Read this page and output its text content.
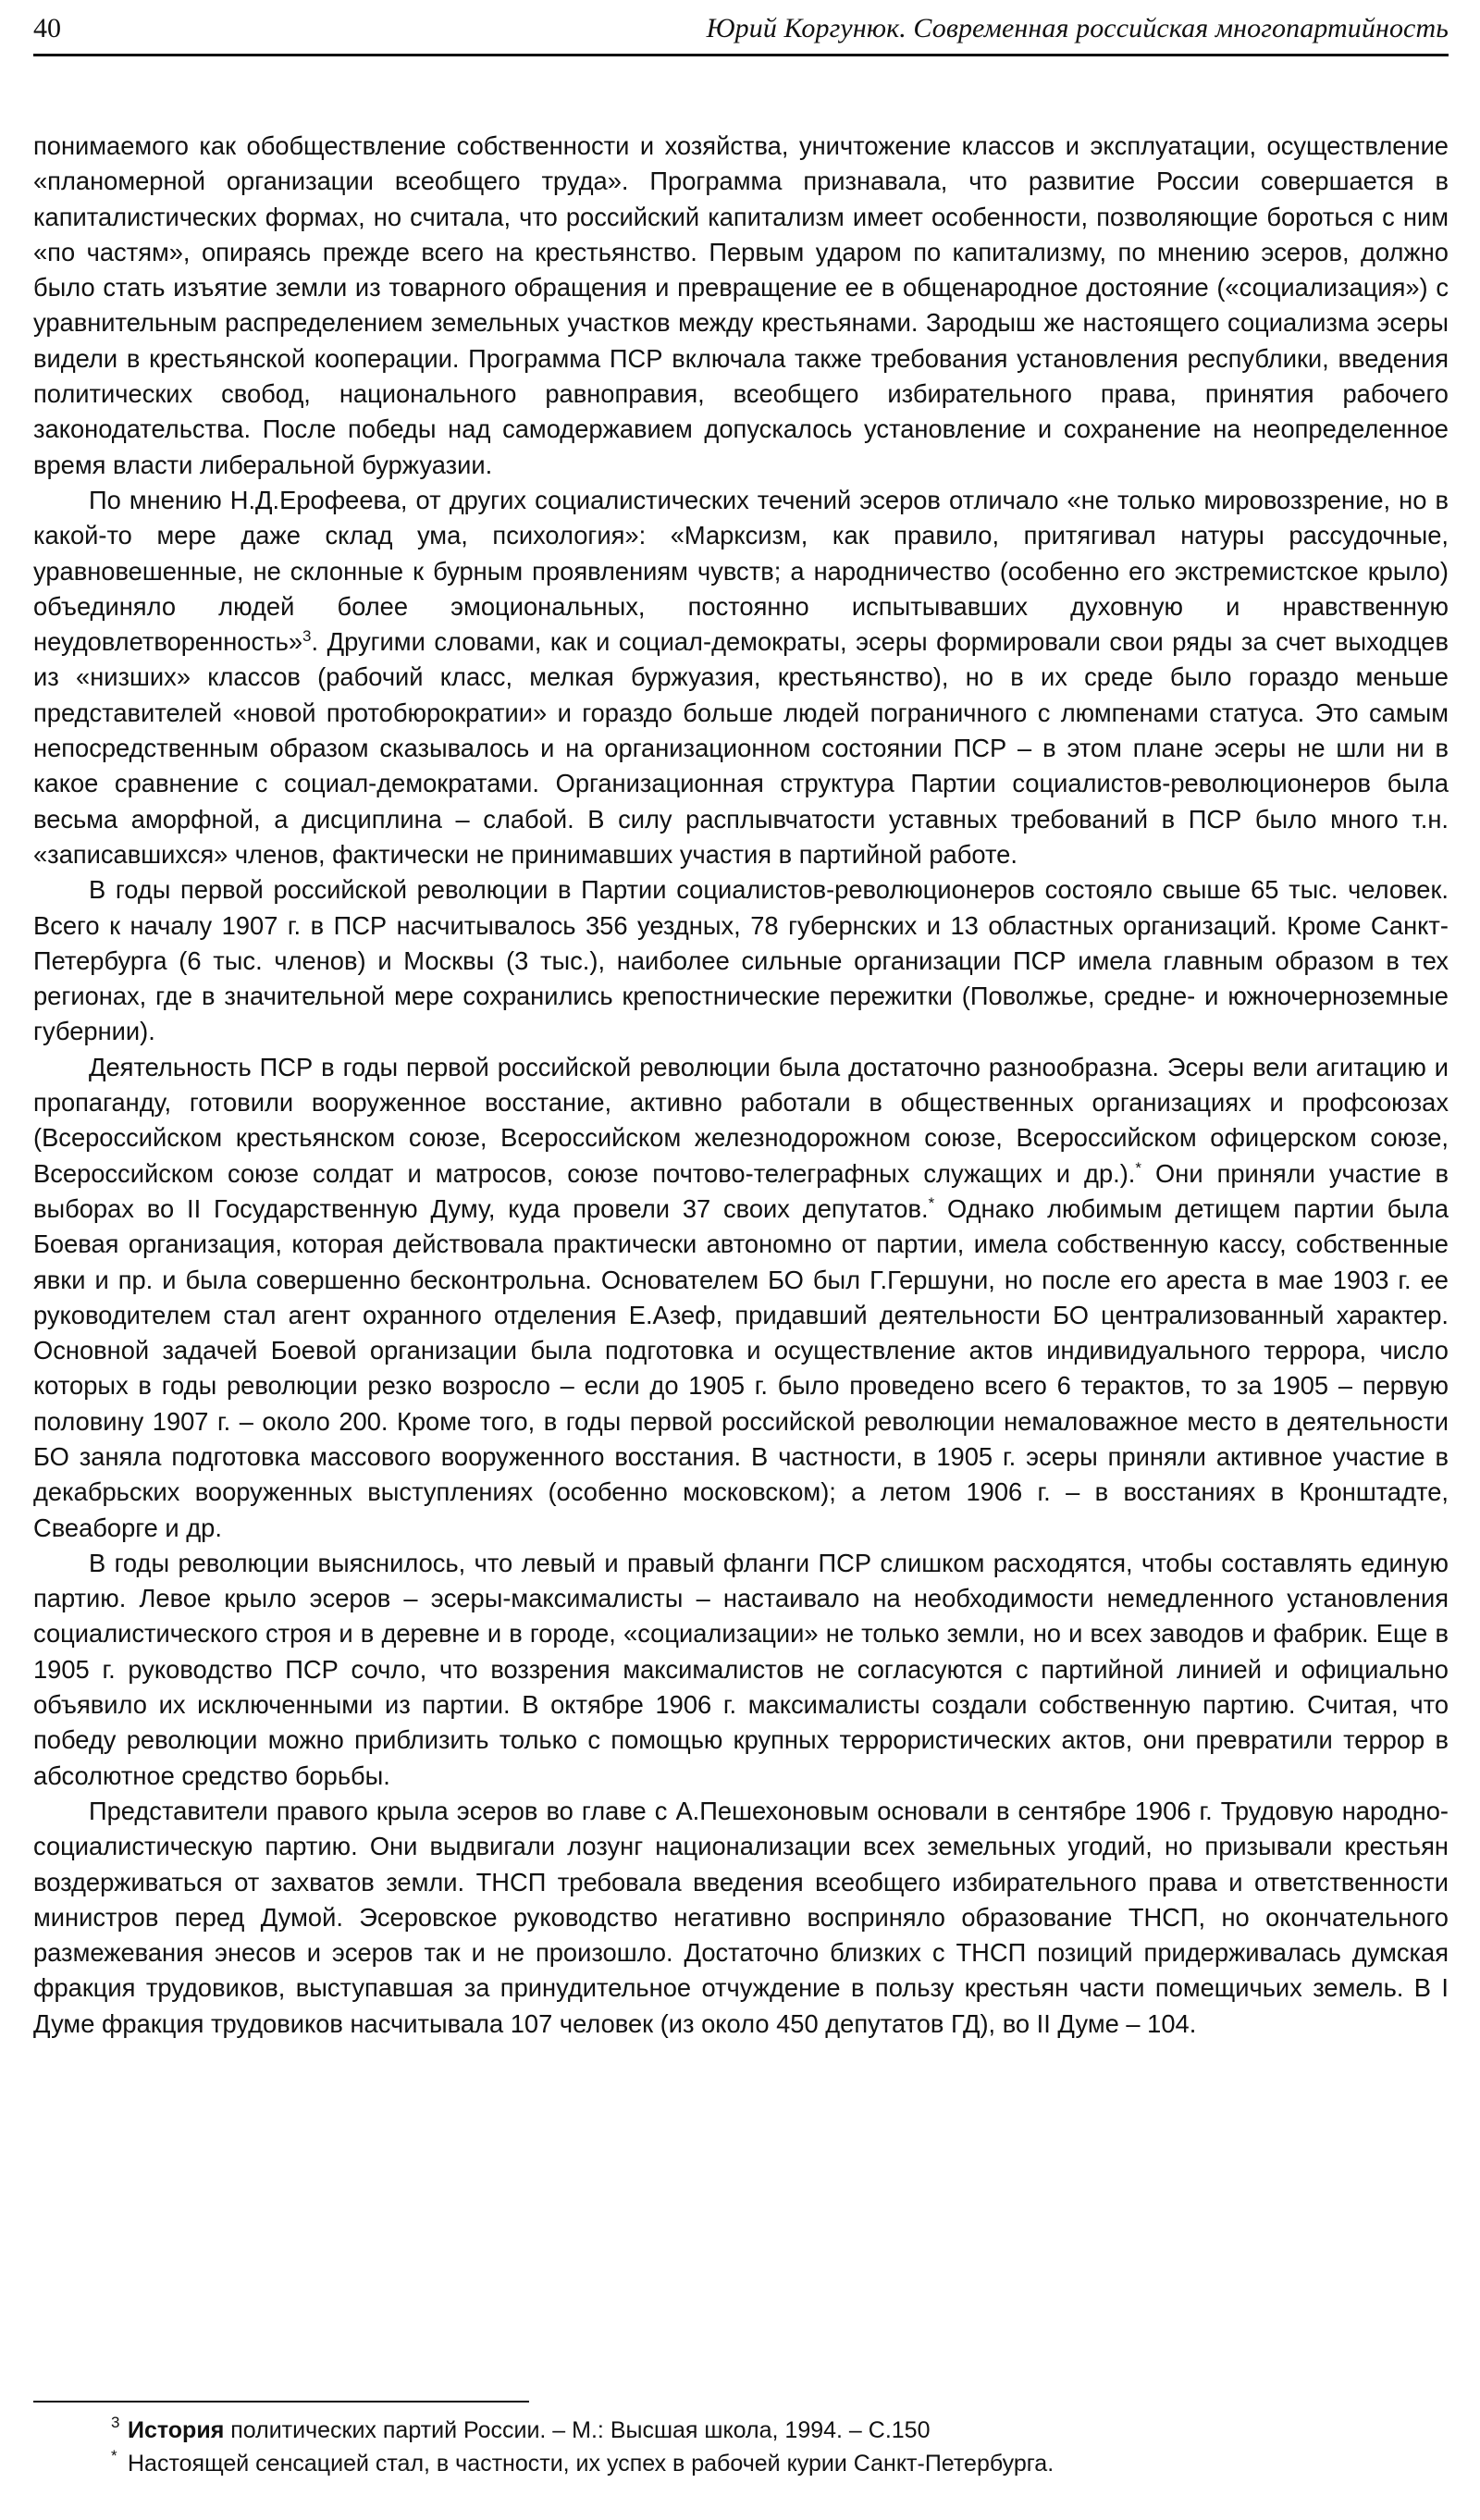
40	Юрий Коргунюк. Современная российская многопартийность

понимаемого как обобществление собственности и хозяйства, уничтожение классов и эксплуатации, осуществление «планомерной организации всеобщего труда». Программа признавала, что развитие России совершается в капиталистических формах, но считала, что российский капитализм имеет особенности, позволяющие бороться с ним «по частям», опираясь прежде всего на крестьянство. Первым ударом по капитализму, по мнению эсеров, должно было стать изъятие земли из товарного обращения и превращение ее в общенародное достояние («социализация») с уравнительным распределением земельных участков между крестьянами. Зародыш же настоящего социализма эсеры видели в крестьянской кооперации. Программа ПСР включала также требования установления республики, введения политических свобод, национального равноправия, всеобщего избирательного права, принятия рабочего законодательства. После победы над самодержавием допускалось установление и сохранение на неопределенное время власти либеральной буржуазии.

По мнению Н.Д.Ерофеева, от других социалистических течений эсеров отличало «не только мировоззрение, но в какой-то мере даже склад ума, психология»: «Марксизм, как правило, притягивал натуры рассудочные, уравновешенные, не склонные к бурным проявлениям чувств; а народничество (особенно его экстремистское крыло) объединяло людей более эмоциональных, постоянно испытывавших духовную и нравственную неудовлетворенность»$^3$. Другими словами, как и социал-демократы, эсеры формировали свои ряды за счет выходцев из «низших» классов (рабочий класс, мелкая буржуазия, крестьянство), но в их среде было гораздо меньше представителей «новой протобюрократии» и гораздо больше людей пограничного с люмпенами статуса. Это самым непосредственным образом сказывалось и на организационном состоянии ПСР – в этом плане эсеры не шли ни в какое сравнение с социал-демократами. Организационная структура Партии социалистов-революционеров была весьма аморфной, а дисциплина – слабой. В силу расплывчатости уставных требований в ПСР было много т.н. «записавшихся» членов, фактически не принимавших участия в партийной работе.

В годы первой российской революции в Партии социалистов-революционеров состояло свыше 65 тыс. человек. Всего к началу 1907 г. в ПСР насчитывалось 356 уездных, 78 губернских и 13 областных организаций. Кроме Санкт-Петербурга (6 тыс. членов) и Москвы (3 тыс.), наиболее сильные организации ПСР имела главным образом в тех регионах, где в значительной мере сохранились крепостнические пережитки (Поволжье, средне- и южночерноземные губернии).

Деятельность ПСР в годы первой российской революции была достаточно разнообразна. Эсеры вели агитацию и пропаганду, готовили вооруженное восстание, активно работали в общественных организациях и профсоюзах (Всероссийском крестьянском союзе, Всероссийском железнодорожном союзе, Всероссийском офицерском союзе, Всероссийском союзе солдат и матросов, союзе почтово-телеграфных служащих и др.).* Они приняли участие в выборах во II Государственную Думу, куда провели 37 своих депутатов.* Однако любимым детищем партии была Боевая организация, которая действовала практически автономно от партии, имела собственную кассу, собственные явки и пр. и была совершенно бесконтрольна. Основателем БО был Г.Гершуни, но после его ареста в мае 1903 г. ее руководителем стал агент охранного отделения Е.Азеф, придавший деятельности БО централизованный характер. Основной задачей Боевой организации была подготовка и осуществление актов индивидуального террора, число которых в годы революции резко возросло – если до 1905 г. было проведено всего 6 терактов, то за 1905 – первую половину 1907 г. – около 200. Кроме того, в годы первой российской революции немаловажное место в деятельности БО заняла подготовка массового вооруженного восстания. В частности, в 1905 г. эсеры приняли активное участие в декабрьских вооруженных выступлениях (особенно московском); а летом 1906 г. – в восстаниях в Кронштадте, Свеаборге и др.

В годы революции выяснилось, что левый и правый фланги ПСР слишком расходятся, чтобы составлять единую партию. Левое крыло эсеров – эсеры-максималисты – настаивало на необходимости немедленного установления социалистического строя и в деревне и в городе, «социализации» не только земли, но и всех заводов и фабрик. Еще в 1905 г. руководство ПСР сочло, что воззрения максималистов не согласуются с партийной линией и официально объявило их исключенными из партии. В октябре 1906 г. максималисты создали собственную партию. Считая, что победу революции можно приблизить только с помощью крупных террористических актов, они превратили террор в абсолютное средство борьбы.

Представители правого крыла эсеров во главе с А.Пешехоновым основали в сентябре 1906 г. Трудовую народно-социалистическую партию. Они выдвигали лозунг национализации всех земельных угодий, но призывали крестьян воздерживаться от захватов земли. ТНСП требовала введения всеобщего избирательного права и ответственности министров перед Думой. Эсеровское руководство негативно восприняло образование ТНСП, но окончательного размежевания энесов и эсеров так и не произошло. Достаточно близких с ТНСП позиций придерживалась думская фракция трудовиков, выступавшая за принудительное отчуждение в пользу крестьян части помещичьих земель. В I Думе фракция трудовиков насчитывала 107 человек (из около 450 депутатов ГД), во II Думе – 104.

3 История политических партий России. – М.: Высшая школа, 1994. – С.150
* Настоящей сенсацией стал, в частности, их успех в рабочей курии Санкт-Петербурга.
